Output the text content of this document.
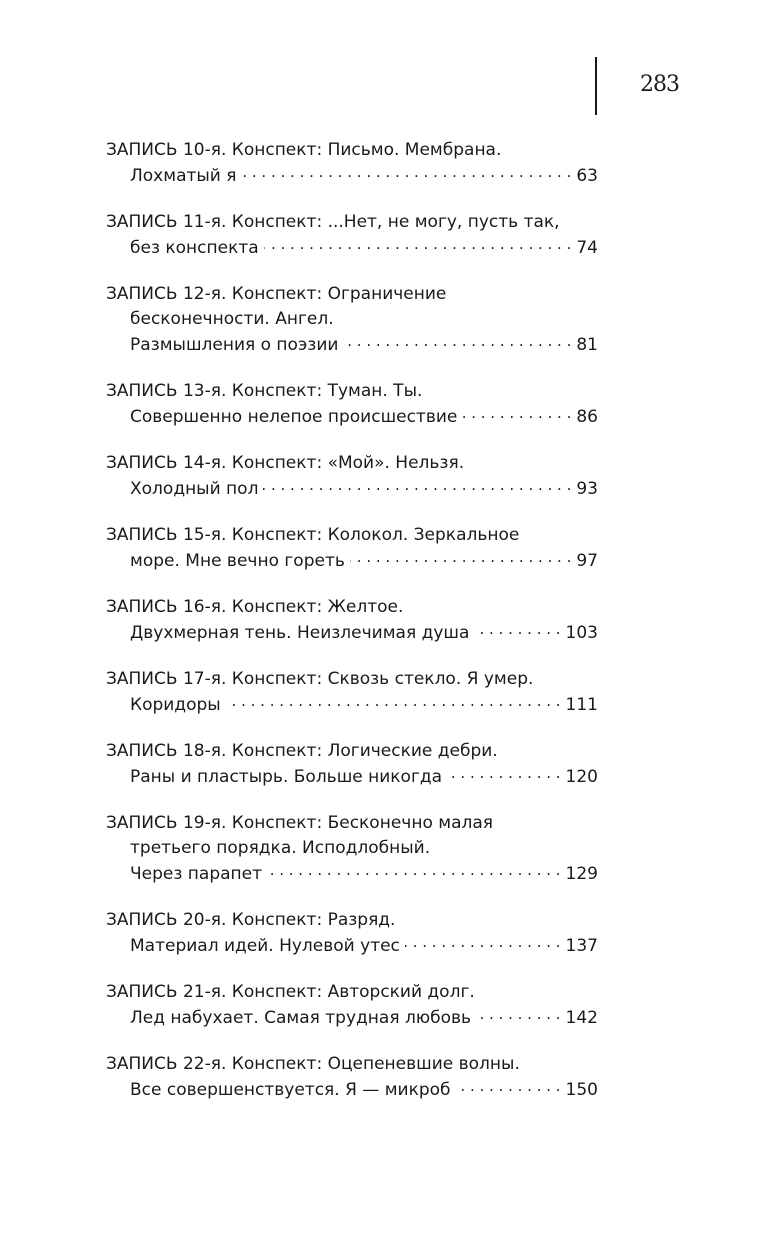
283
ЗАПИСЬ 10-я. Конспект: Письмо. Мембрана.
Лохматый я . . .	63
ЗАПИСЬ 11-я. Конспект: ...Нет, не могу, пусть так,
без конспекта . . .	74
ЗАПИСЬ 12-я. Конспект: Ограничение
бесконечности. Ангел.
Размышления о поэзии . . .	81
ЗАПИСЬ 13-я. Конспект: Туман. Ты.
Совершенно нелепое происшествие . . .	86
ЗАПИСЬ 14-я. Конспект: «Мой». Нельзя.
Холодный пол . . .	93
ЗАПИСЬ 15-я. Конспект: Колокол. Зеркальное
море. Мне вечно гореть . . .	97
ЗАПИСЬ 16-я. Конспект: Желтое.
Двухмерная тень. Неизлечимая душа . . .	103
ЗАПИСЬ 17-я. Конспект: Сквозь стекло. Я умер.
Коридоры . . .	111
ЗАПИСЬ 18-я. Конспект: Логические дебри.
Раны и пластырь. Больше никогда . . .	120
ЗАПИСЬ 19-я. Конспект: Бесконечно малая
третьего порядка. Исподлобный.
Через парапет . . .	129
ЗАПИСЬ 20-я. Конспект: Разряд.
Материал идей. Нулевой утес . . .	137
ЗАПИСЬ 21-я. Конспект: Авторский долг.
Лед набухает. Самая трудная любовь . . .	142
ЗАПИСЬ 22-я. Конспект: Оцепеневшие волны.
Все совершенствуется. Я — микроб . . .	150
